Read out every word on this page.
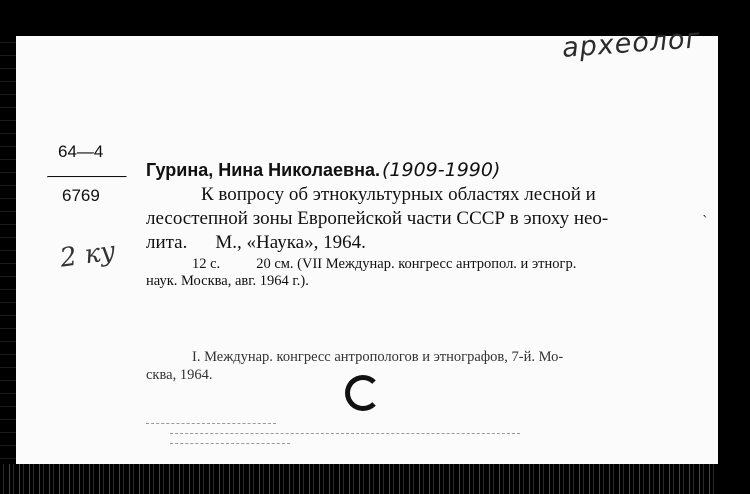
археолог

64—4

6769

2 ку

Гурина, Нина Николаевна. (1909-1990)

К вопросу об этнокультурных областях лесной и

лесостепной зоны Европейской части СССР в эпоху нео-	`

лита. М., «Наука», 1964.

12 с. 20 см. (VII Междунар. конгресс антропол. и этногр.

наук. Москва, авг. 1964 г.).

I. Междунар. конгресс антропологов и этнографов, 7-й. Мо-

сква, 1964.
